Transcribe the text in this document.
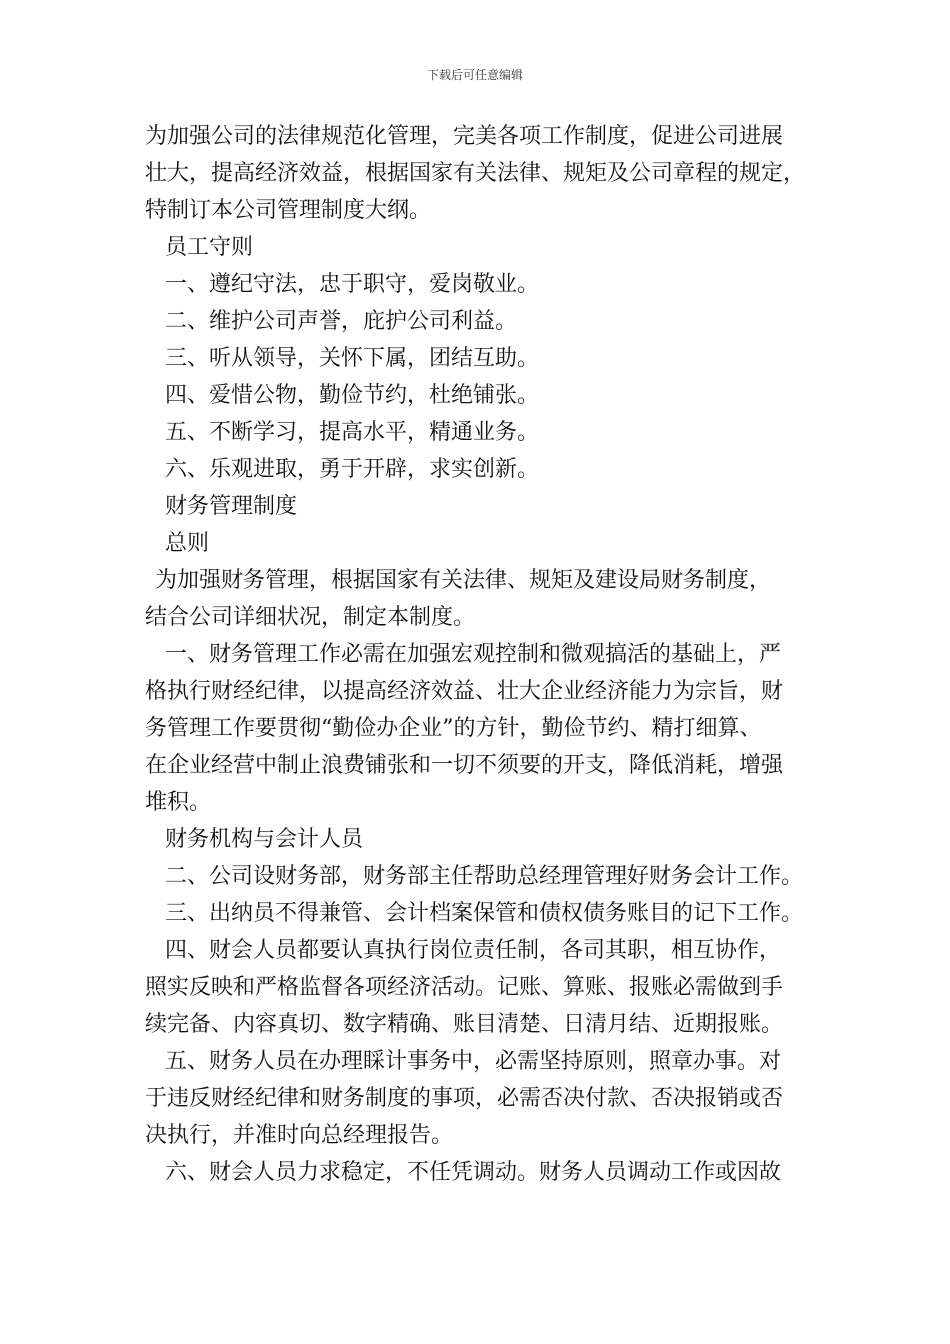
下载后可任意编辑
为加强公司的法律规范化管理，完美各项工作制度，促进公司进展
壮大，提高经济效益，根据国家有关法律、规矩及公司章程的规定，
特制订本公司管理制度大纲。
员工守则
一、遵纪守法，忠于职守，爱岗敬业。
二、维护公司声誉，庇护公司利益。
三、听从领导，关怀下属，团结互助。
四、爱惜公物，勤俭节约，杜绝铺张。
五、不断学习，提高水平，精通业务。
六、乐观进取，勇于开辟，求实创新。
财务管理制度
总则
为加强财务管理，根据国家有关法律、规矩及建设局财务制度，
结合公司详细状况，制定本制度。
一、财务管理工作必需在加强宏观控制和微观搞活的基础上，严
格执行财经纪律，以提高经济效益、壮大企业经济能力为宗旨，财
务管理工作要贯彻“勤俭办企业”的方针，勤俭节约、精打细算、
在企业经营中制止浪费铺张和一切不须要的开支，降低消耗，增强
堆积。
财务机构与会计人员
二、公司设财务部，财务部主任帮助总经理管理好财务会计工作。
三、出纳员不得兼管、会计档案保管和债权债务账目的记下工作。
四、财会人员都要认真执行岗位责任制，各司其职，相互协作，
照实反映和严格监督各项经济活动。记账、算账、报账必需做到手
续完备、内容真切、数字精确、账目清楚、日清月结、近期报账。
五、财务人员在办理睬计事务中，必需坚持原则，照章办事。对
于违反财经纪律和财务制度的事项，必需否决付款、否决报销或否
决执行，并准时向总经理报告。
六、财会人员力求稳定，不任凭调动。财务人员调动工作或因故
